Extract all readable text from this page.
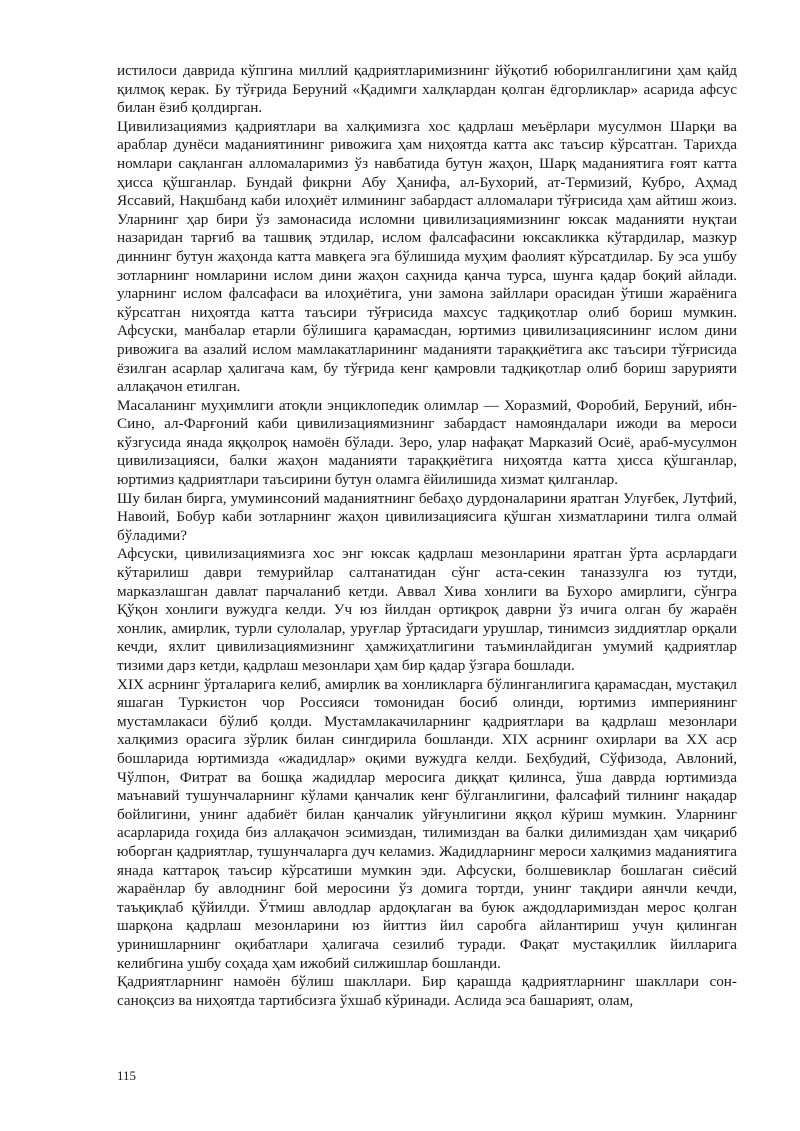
истилоси даврида кўпгина миллий қадриятларимизнинг йўқотиб юборилганлигини ҳам қайд қилмоқ керак. Бу тўғрида Беруний «Қадимги халқлардан қолган ёдгорликлар» асарида афсус билан ёзиб қолдирган.

Цивилизациямиз қадриятлари ва халқимизга хос қадрлаш меъёрлари мусулмон Шарқи ва араблар дунёси маданиятининг ривожига ҳам ниҳоятда катта акс таъсир кўрсатган. Тарихда номлари сақланган алломаларимиз ўз навбатида бутун жаҳон, Шарқ маданиятига ғоят катта ҳисса қўшганлар. Бундай фикрни Абу Ҳанифа, ал-Бухорий, ат-Термизий, Кубро, Аҳмад Яссавий, Нақшбанд каби илоҳиёт илмининг забардаст алломалари тўғрисида ҳам айтиш жоиз. Уларнинг ҳар бири ўз замонасида исломни цивилизациямизнинг юксак маданияти нуқтаи назаридан тарғиб ва ташвиқ этдилар, ислом фалсафасини юксакликка кўтардилар, мазкур диннинг бутун жаҳонда катта мавқега эга бўлишида муҳим фаолият кўрсатдилар. Бу эса ушбу зотларнинг номларини ислом дини жаҳон саҳнида қанча турса, шунга қадар боқий айлади. уларнинг ислом фалсафаси ва илоҳиётига, уни замона зайллари орасидан ўтиши жараёнига кўрсатган ниҳоятда катта таъсири тўғрисида махсус тадқиқотлар олиб бориш мумкин. Афсуски, манбалар етарли бўлишига қарамасдан, юртимиз цивилизациясининг ислом дини ривожига ва азалий ислом мамлакатларининг маданияти тараққиётига акс таъсири тўғрисида ёзилган асарлар ҳалигача кам, бу тўғрида кенг қамровли тадқиқотлар олиб бориш зарурияти аллақачон етилган.

Масаланинг муҳимлиги атоқли энциклопедик олимлар — Хоразмий, Форобий, Беруний, ибн-Сино, ал-Фарғоний каби цивилизациямизнинг забардаст намояндалари ижоди ва мероси кўзгусида янада яққолроқ намоён бўлади. Зеро, улар нафақат Марказий Осиё, араб-мусулмон цивилизацияси, балки жаҳон маданияти тараққиётига ниҳоятда катта ҳисса қўшганлар, юртимиз қадриятлари таъсирини бутун оламга ёйилишида хизмат қилганлар.

Шу билан бирга, умуминсоний маданиятнинг бебаҳо дурдоналарини яратган Улуғбек, Лутфий, Навоий, Бобур каби зотларнинг жаҳон цивилизациясига қўшган хизматларини тилга олмай бўладими?

Афсуски, цивилизациямизга хос энг юксак қадрлаш мезонларини яратган ўрта асрлардаги кўтарилиш даври темурийлар салтанатидан сўнг аста-секин таназзулга юз тутди, марказлашган давлат парчаланиб кетди. Аввал Хива хонлиги ва Бухоро амирлиги, сўнгра Қўқон хонлиги вужудга келди. Уч юз йилдан ортиқроқ даврни ўз ичига олган бу жараён хонлик, амирлик, турли сулолалар, уруғлар ўртасидаги урушлар, тинимсиз зиддиятлар орқали кечди, яхлит цивилизациямизнинг ҳамжиҳатлигини таъминлайдиган умумий қадриятлар тизими дарз кетди, қадрлаш мезонлари ҳам бир қадар ўзгара бошлади.

XIX асрнинг ўрталарига келиб, амирлик ва хонликларга бўлинганлигига қарамасдан, мустақил яшаган Туркистон чор Россияси томонидан босиб олинди, юртимиз империянинг мустамлакаси бўлиб қолди. Мустамлакачиларнинг қадриятлари ва қадрлаш мезонлари халқимиз орасига зўрлик билан сингдирила бошланди. XIX асрнинг охирлари ва XX аср бошларида юртимизда «жадидлар» оқими вужудга келди. Беҳбудий, Сўфизода, Авлоний, Чўлпон, Фитрат ва бошқа жадидлар меросига диққат қилинса, ўша даврда юртимизда маънавий тушунчаларнинг кўлами қанчалик кенг бўлганлигини, фалсафий тилнинг нақадар бойлигини, унинг адабиёт билан қанчалик уйғунлигини яққол кўриш мумкин. Уларнинг асарларида гоҳида биз аллақачон эсимиздан, тилимиздан ва балки дилимиздан ҳам чиқариб юборган қадриятлар, тушунчаларга дуч келамиз. Жадидларнинг мероси халқимиз маданиятига янада каттароқ таъсир кўрсатиши мумкин эди. Афсуски, болшевиклар бошлаган сиёсий жараёнлар бу авлоднинг бой меросини ўз домига тортди, унинг тақдири аянчли кечди, таъқиқлаб қўйилди. Ўтмиш авлодлар ардоқлаган ва буюк аждодларимиздан мерос қолган шарқона қадрлаш мезонларини юз йиттиз йил саробга айлантириш учун қилинган уринишларнинг оқибатлари ҳалигача сезилиб туради. Фақат мустақиллик йилларига келибгина ушбу соҳада ҳам ижобий силжишлар бошланди.

Қадриятларнинг намоён бўлиш шакллари. Бир қарашда қадриятларнинг шакллари сон-саноқсиз ва ниҳоятда тартибсизга ўхшаб кўринади. Аслида эса башарият, олам,

115
